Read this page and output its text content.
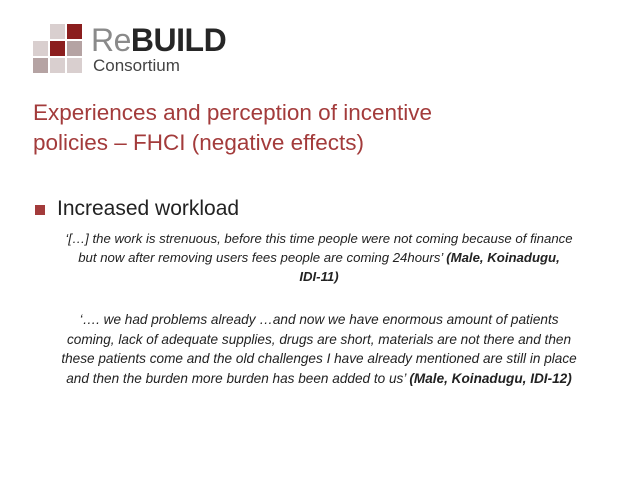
ReBUILD
Consortium
Experiences and perception of incentive
policies – FHCI (negative effects)
Increased workload
‘[…] the work is strenuous, before this time people were not coming because of finance
but now after removing users fees people are coming 24hours’ (Male, Koinadugu,
IDI-11)
‘…. we had problems already …and now we have enormous amount of patients
coming, lack of adequate supplies, drugs are short, materials are not there and then
these patients come and the old challenges I have already mentioned are still in place
and then the burden more burden has been added to us’ (Male, Koinadugu, IDI-12)
